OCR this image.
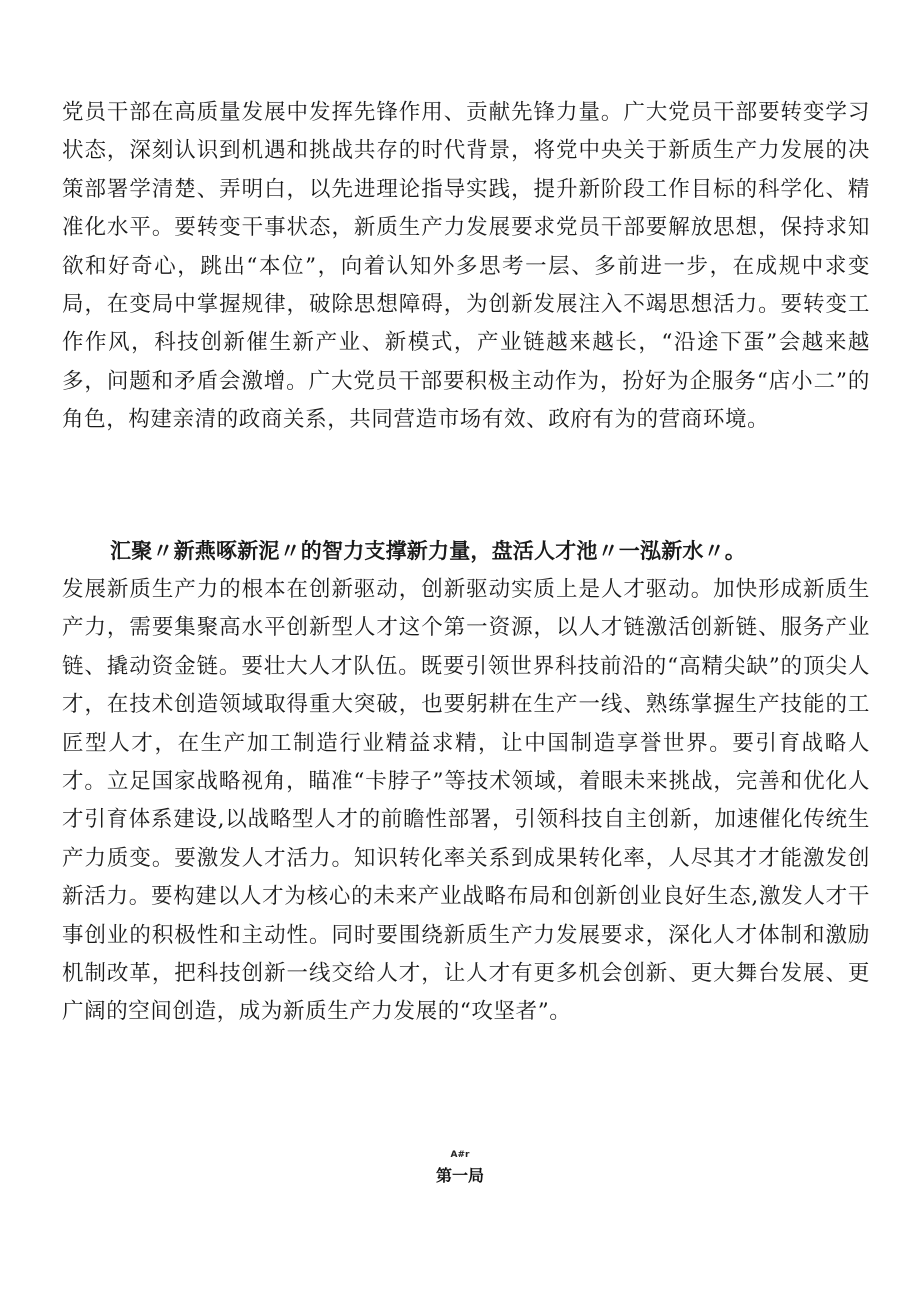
党员干部在高质量发展中发挥先锋作用、贡献先锋力量。广大党员干部要转变学习状态，深刻认识到机遇和挑战共存的时代背景，将党中央关于新质生产力发展的决策部署学清楚、弄明白，以先进理论指导实践，提升新阶段工作目标的科学化、精准化水平。要转变干事状态，新质生产力发展要求党员干部要解放思想，保持求知欲和好奇心，跳出“本位”，向着认知外多思考一层、多前进一步，在成规中求变局，在变局中掌握规律，破除思想障碍，为创新发展注入不竭思想活力。要转变工作作风，科技创新催生新产业、新模式，产业链越来越长，“沿途下蛋”会越来越多，问题和矛盾会激增。广大党员干部要积极主动作为，扮好为企服务“店小二”的角色，构建亲清的政商关系，共同营造市场有效、政府有为的营商环境。

汇聚〃新燕啄新泥〃的智力支撑新力量，盘活人才池〃一泓新水〃。

发展新质生产力的根本在创新驱动，创新驱动实质上是人才驱动。加快形成新质生产力，需要集聚高水平创新型人才这个第一资源，以人才链激活创新链、服务产业链、撬动资金链。要壮大人才队伍。既要引领世界科技前沿的“高精尖缺”的顶尖人才，在技术创造领域取得重大突破，也要躬耕在生产一线、熟练掌握生产技能的工匠型人才，在生产加工制造行业精益求精，让中国制造享誉世界。要引育战略人才。立足国家战略视角，瞄准“卡脖子”等技术领域，着眼未来挑战，完善和优化人才引育体系建设,以战略型人才的前瞻性部署，引领科技自主创新，加速催化传统生产力质变。要激发人才活力。知识转化率关系到成果转化率，人尽其才才能激发创新活力。要构建以人才为核心的未来产业战略布局和创新创业良好生态,激发人才干事创业的积极性和主动性。同时要围绕新质生产力发展要求，深化人才体制和激励机制改革，把科技创新一线交给人才，让人才有更多机会创新、更大舞台发展、更广阔的空间创造，成为新质生产力发展的“攻坚者”。

A#r
第一局
